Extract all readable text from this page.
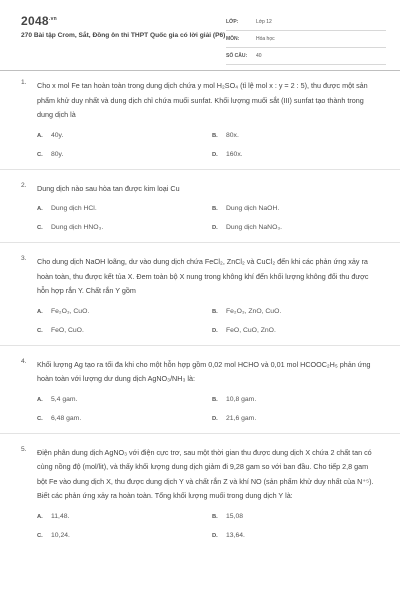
$2048^{.vn}$
270 Bài tập Crom, Sắt, Đồng ôn thi THPT Quốc gia có lời giải (P6)
LỚP:	Lớp 12
MÔN:	Hóa học
SỐ CÂU: 40
1. Cho x mol Fe tan hoàn toàn trong dung dịch chứa y mol H₂SO₄ (tỉ lệ mol x : y = 2 : 5), thu được một sản phẩm khử duy nhất và dung dịch chỉ chứa muối sunfat. Khối lượng muối sắt (III) sunfat tạo thành trong dung dịch là
A.	40y.	B.	80x.
C.	80y.	D.	160x.
2. Dung dịch nào sau hòa tan được kim loại Cu
A.	Dung dịch HCl.	B.	Dung dịch NaOH.
C.	Dung dịch HNO₃.	D.	Dung dịch NaNO₃.
3. Cho dung dịch NaOH loãng, dư vào dung dịch chứa FeCl₂, ZnCl₂ và CuCl₂ đến khi các phản ứng xảy ra hoàn toàn, thu được kết tủa X. Đem toàn bộ X nung trong không khí đến khối lượng không đổi thu được hỗn hợp rắn Y. Chất rắn Y gồm
A.	Fe₂O₃, CuO.	B.	Fe₂O₃, ZnO, CuO.
C.	FeO, CuO.	D.	FeO, CuO, ZnO.
4. Khối lượng Ag tạo ra tối đa khi cho một hỗn hợp gồm 0,02 mol HCHO và 0,01 mol HCOOC₂H₅ phản ứng hoàn toàn với lượng dư dung dịch AgNO₃/NH₃ là:
A.	5,4 gam.	B.	10,8 gam.
C.	6,48 gam.	D.	21,6 gam.
5. Điện phân dung dịch AgNO₃ với điện cực trơ, sau một thời gian thu được dung dịch X chứa 2 chất tan có cùng nồng độ (mol/lit), và thấy khối lượng dung dịch giảm đi 9,28 gam so với ban đầu. Cho tiếp 2,8 gam bột Fe vào dung dịch X, thu được dung dịch Y và chất rắn Z và khí NO (sản phẩm khử duy nhất của N⁺⁵). Biết các phản ứng xảy ra hoàn toàn. Tổng khối lượng muối trong dung dịch Y là:
A.	11,48.	B.	15,08
C.	10,24.	D.	13,64.
